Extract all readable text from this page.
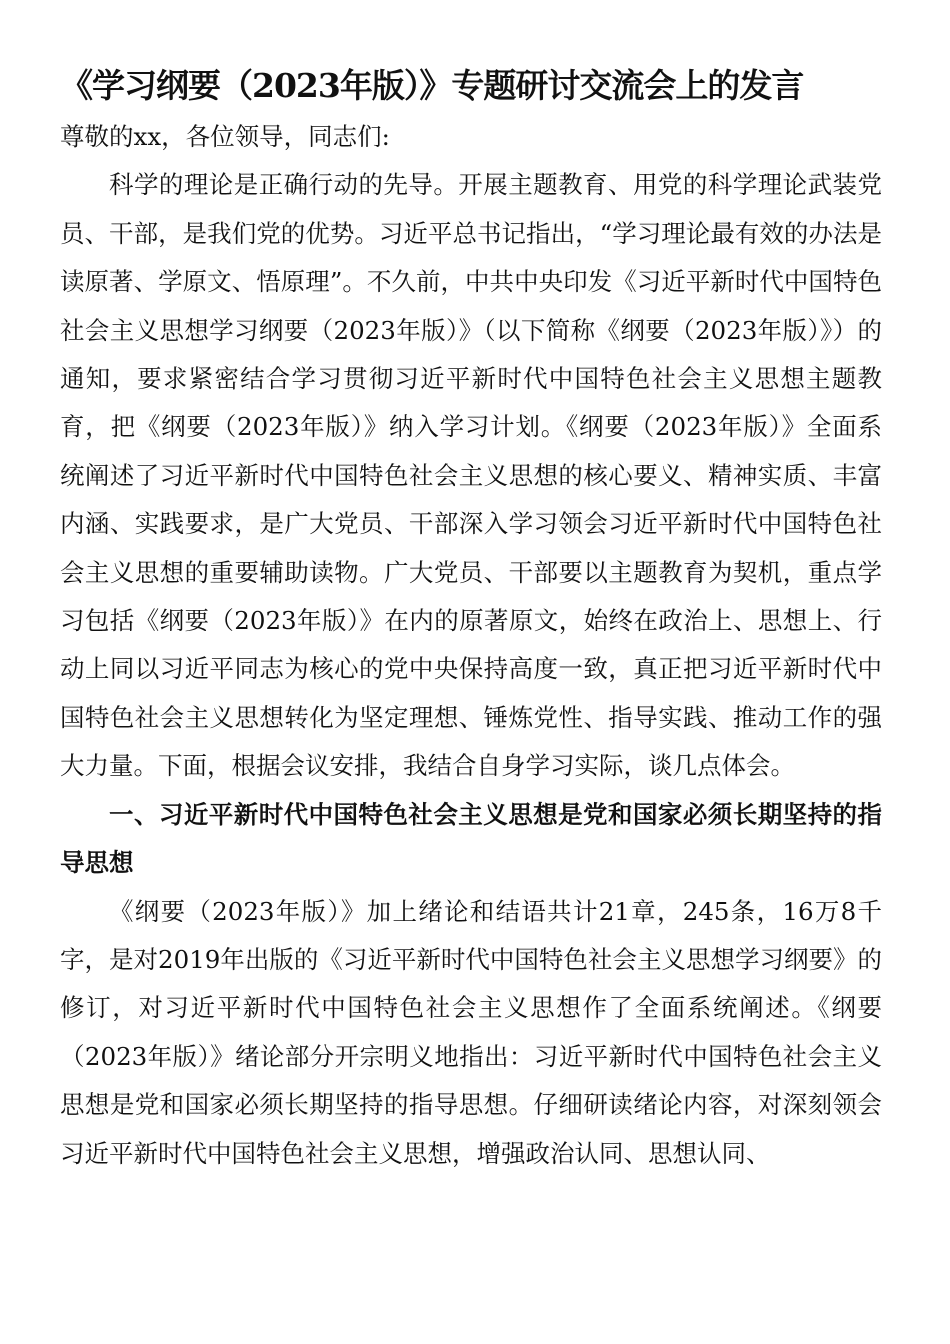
《学习纲要（2023年版）》专题研讨交流会上的发言

尊敬的xx，各位领导，同志们:

科学的理论是正确行动的先导。开展主题教育、用党的科学理论武装党员、干部，是我们党的优势。习近平总书记指出，“学习理论最有效的办法是读原著、学原文、悟原理”。不久前，中共中央印发《习近平新时代中国特色社会主义思想学习纲要（2023年版）》（以下简称《纲要（2023年版）》）的通知，要求紧密结合学习贯彻习近平新时代中国特色社会主义思想主题教育，把《纲要（2023年版）》纳入学习计划。《纲要（2023年版）》全面系统阐述了习近平新时代中国特色社会主义思想的核心要义、精神实质、丰富内涵、实践要求，是广大党员、干部深入学习领会习近平新时代中国特色社会主义思想的重要辅助读物。广大党员、干部要以主题教育为契机，重点学习包括《纲要（2023年版）》在内的原著原文，始终在政治上、思想上、行动上同以习近平同志为核心的党中央保持高度一致，真正把习近平新时代中国特色社会主义思想转化为坚定理想、锤炼党性、指导实践、推动工作的强大力量。下面，根据会议安排，我结合自身学习实际，谈几点体会。

一、习近平新时代中国特色社会主义思想是党和国家必须长期坚持的指导思想

《纲要（2023年版）》加上绪论和结语共计21章，245条，16万8千字，是对2019年出版的《习近平新时代中国特色社会主义思想学习纲要》的修订，对习近平新时代中国特色社会主义思想作了全面系统阐述。《纲要（2023年版）》绪论部分开宗明义地指出：习近平新时代中国特色社会主义思想是党和国家必须长期坚持的指导思想。仔细研读绪论内容，对深刻领会习近平新时代中国特色社会主义思想，增强政治认同、思想认同、
